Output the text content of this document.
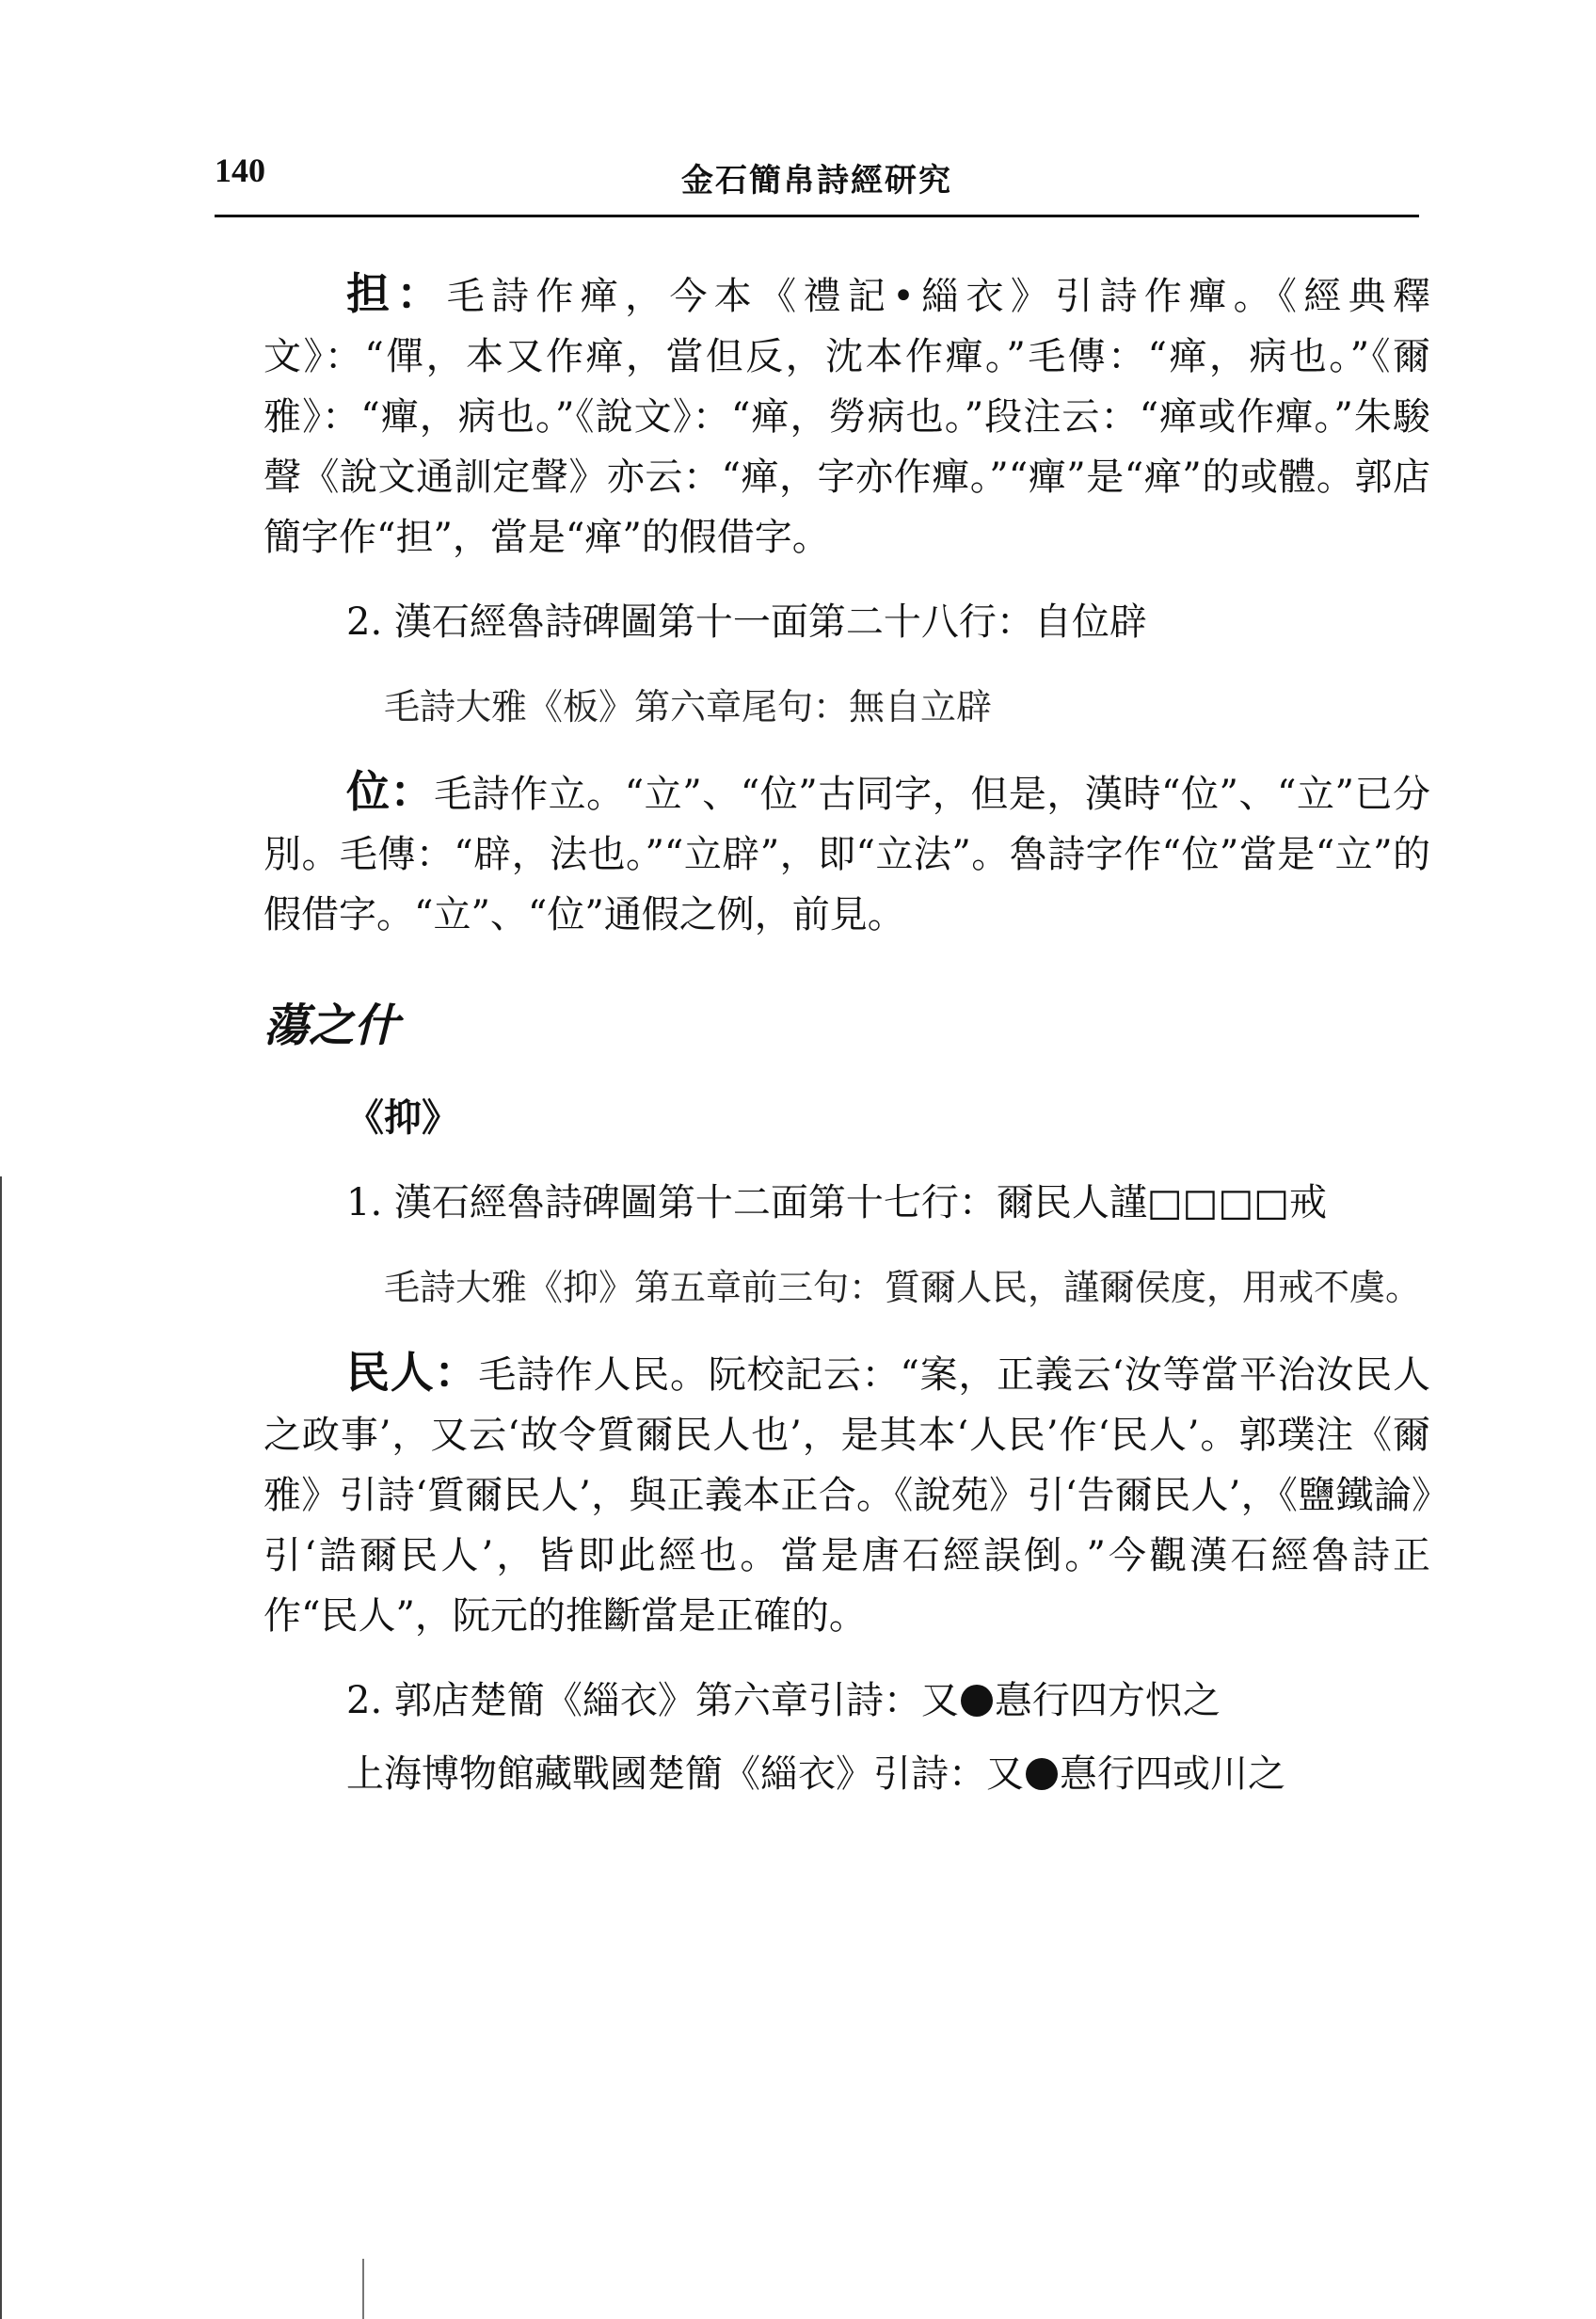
140	金石簡帛詩經研究

担：毛詩作瘅，今本《禮記•緇衣》引詩作癉。《經典釋文》：“僤，本又作瘅，當但反，沈本作癉。”毛傳：“瘅，病也。”《爾雅》：“癉，病也。”《說文》：“瘅，勞病也。”段注云：“瘅或作癉。”朱駿聲《說文通訓定聲》亦云：“瘅，字亦作癉。”“癉”是“瘅”的或體。郭店簡字作“担”，當是“瘅”的假借字。

2. 漢石經魯詩碑圖第十一面第二十八行：自位辟

毛詩大雅《板》第六章尾句：無自立辟

位：毛詩作立。“立”、“位”古同字，但是，漢時“位”、“立”已分別。毛傳：“辟，法也。”“立辟”，即“立法”。魯詩字作“位”當是“立”的假借字。“立”、“位”通假之例，前見。

蕩之什

《抑》

1. 漢石經魯詩碑圖第十二面第十七行：爾民人謹□□□□戒

毛詩大雅《抑》第五章前三句：質爾人民，謹爾侯度，用戒不虞。

民人：毛詩作人民。阮校記云：“案，正義云‘汝等當平治汝民人之政事’，又云‘故令質爾民人也’，是其本‘人民’作‘民人’。郭璞注《爾雅》引詩‘質爾民人’，與正義本正合。《說苑》引‘告爾民人’，《鹽鐵論》引‘誥爾民人’，皆即此經也。當是唐石經誤倒。”今觀漢石經魯詩正作“民人”，阮元的推斷當是正確的。

2. 郭店楚簡《緇衣》第六章引詩：又 惪行四方怾之

上海博物館藏戰國楚簡《緇衣》引詩：又 惪行四或川之
